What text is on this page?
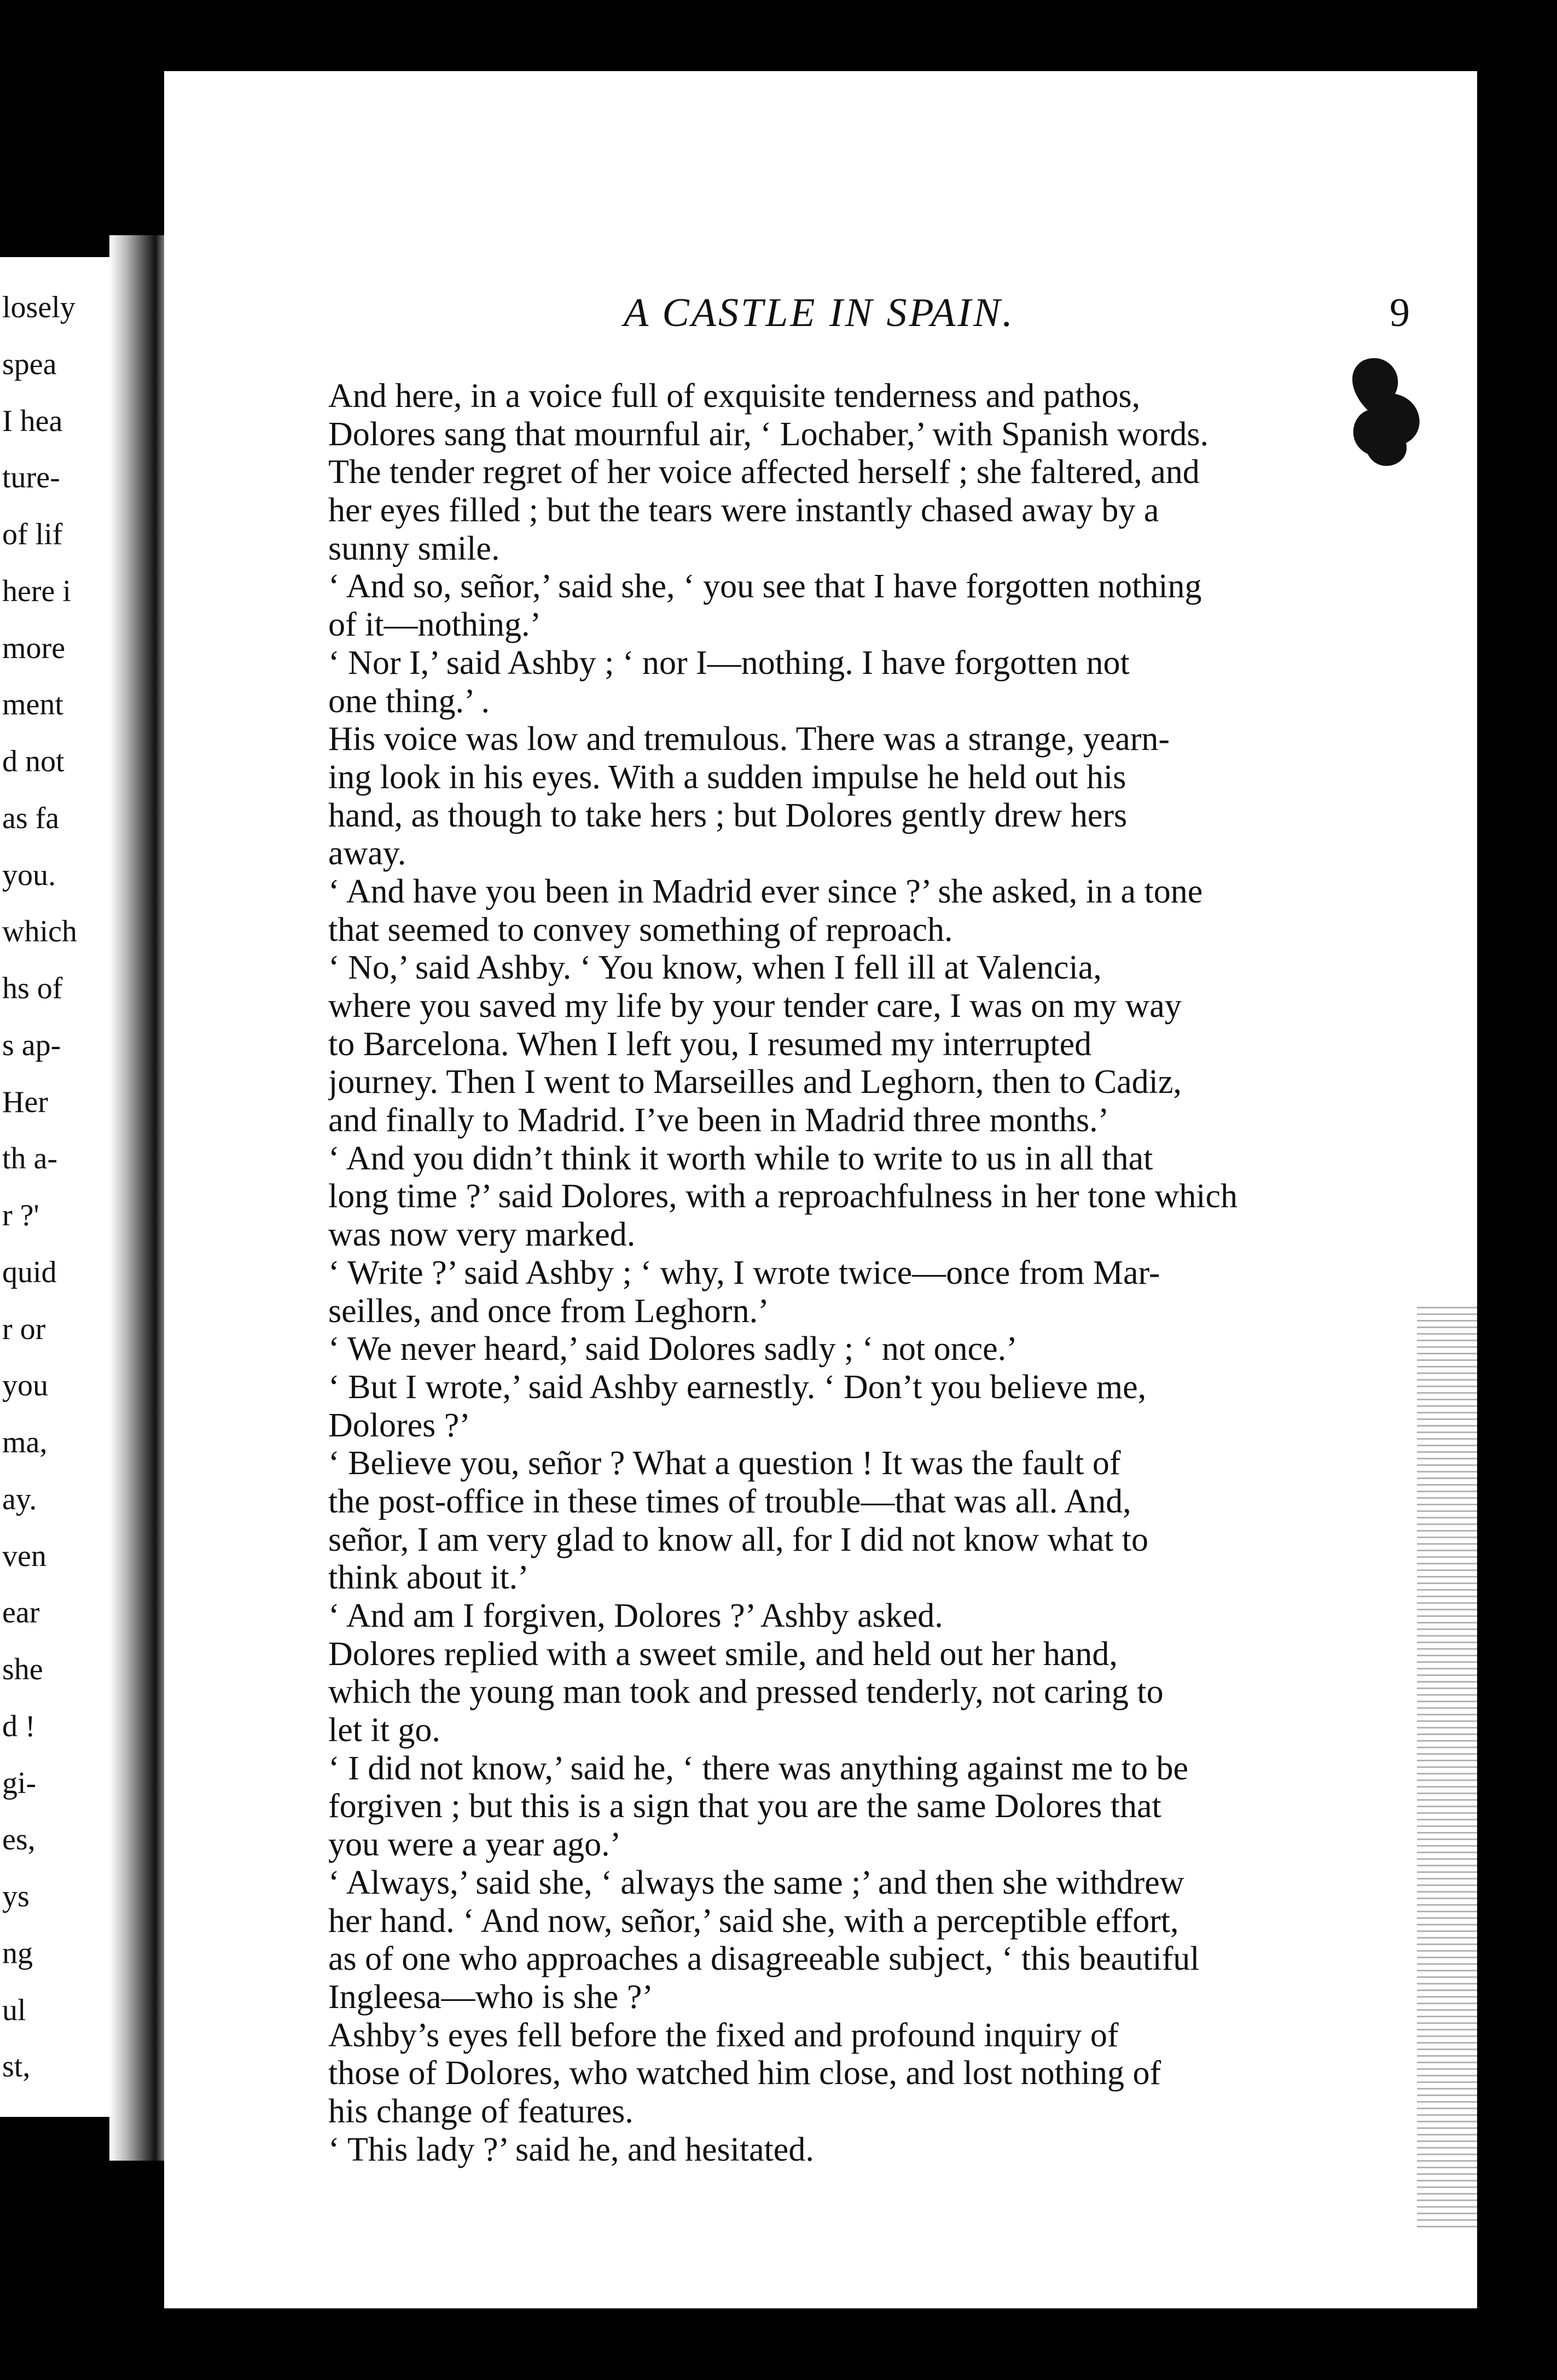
losely
spea
I hea
ture-
of lif
here i
more
ment
d not
as fa
you.
which
hs of
s ap-
Her
th a-
r ?'
quid
r or
you
ma,
ay.
ven
ear
she
d !
gi-
es,
ys
ng
ul
st,
A CASTLE IN SPAIN.	9
And here, in a voice full of exquisite tenderness and pathos,
Dolores sang that mournful air, ‘ Lochaber,’ with Spanish words.
The tender regret of her voice affected herself ; she faltered, and
her eyes filled ; but the tears were instantly chased away by a
sunny smile.
‘ And so, señor,’ said she, ‘ you see that I have forgotten nothing
of it—nothing.’
‘ Nor I,’ said Ashby ; ‘ nor I—nothing. I have forgotten not
one thing.’ .
His voice was low and tremulous. There was a strange, yearn-
ing look in his eyes. With a sudden impulse he held out his
hand, as though to take hers ; but Dolores gently drew hers
away.
‘ And have you been in Madrid ever since ?’ she asked, in a tone
that seemed to convey something of reproach.
‘ No,’ said Ashby. ‘ You know, when I fell ill at Valencia,
where you saved my life by your tender care, I was on my way
to Barcelona. When I left you, I resumed my interrupted
journey. Then I went to Marseilles and Leghorn, then to Cadiz,
and finally to Madrid. I’ve been in Madrid three months.’
‘ And you didn’t think it worth while to write to us in all that
long time ?’ said Dolores, with a reproachfulness in her tone which
was now very marked.
‘ Write ?’ said Ashby ; ‘ why, I wrote twice—once from Mar-
seilles, and once from Leghorn.’
‘ We never heard,’ said Dolores sadly ; ‘ not once.’
‘ But I wrote,’ said Ashby earnestly. ‘ Don’t you believe me,
Dolores ?’
‘ Believe you, señor ? What a question ! It was the fault of
the post-office in these times of trouble—that was all. And,
señor, I am very glad to know all, for I did not know what to
think about it.’
‘ And am I forgiven, Dolores ?’ Ashby asked.
Dolores replied with a sweet smile, and held out her hand,
which the young man took and pressed tenderly, not caring to
let it go.
‘ I did not know,’ said he, ‘ there was anything against me to be
forgiven ; but this is a sign that you are the same Dolores that
you were a year ago.’
‘ Always,’ said she, ‘ always the same ;’ and then she withdrew
her hand. ‘ And now, señor,’ said she, with a perceptible effort,
as of one who approaches a disagreeable subject, ‘ this beautiful
Ingleesa—who is she ?’
Ashby’s eyes fell before the fixed and profound inquiry of
those of Dolores, who watched him close, and lost nothing of
his change of features.
‘ This lady ?’ said he, and hesitated.
